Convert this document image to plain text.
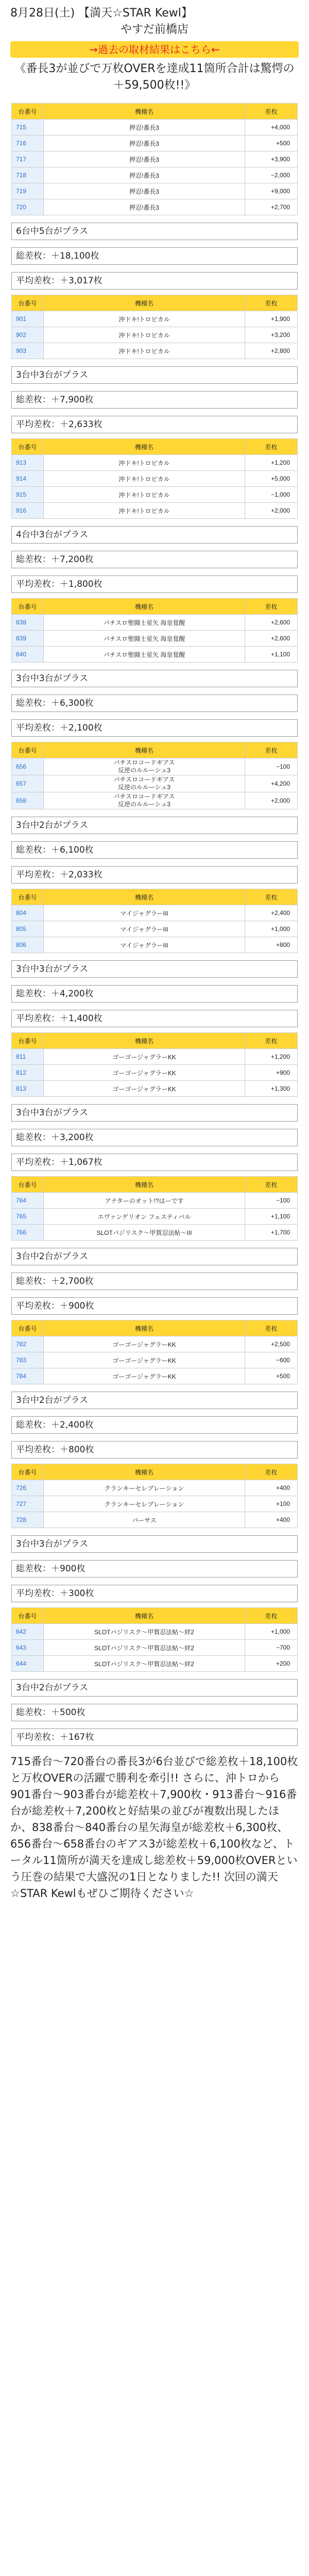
8月28日(土) 【満天☆STAR Kewl】
やすだ前橋店
→過去の取材結果はこちら←
《番長3が並びで万枚OVERを達成11箇所合計は驚愕の＋59,500枚!!》
台番号	機種名	差枚
715	押忍!番長3	+4,000
716	押忍!番長3	+500
717	押忍!番長3	+3,900
718	押忍!番長3	−2,000
719	押忍!番長3	+9,000
720	押忍!番長3	+2,700
6台中5台がプラス
総差枚：＋18,100枚
平均差枚：＋3,017枚
台番号	機種名	差枚
901	沖ドキ!トロピカル	+1,900
902	沖ドキ!トロピカル	+3,200
903	沖ドキ!トロピカル	+2,800
3台中3台がプラス
総差枚：＋7,900枚
平均差枚：＋2,633枚
台番号	機種名	差枚
913	沖ドキ!トロピカル	+1,200
914	沖ドキ!トロピカル	+5,000
915	沖ドキ!トロピカル	−1,000
916	沖ドキ!トロピカル	+2,000
4台中3台がプラス
総差枚：＋7,200枚
平均差枚：＋1,800枚
台番号	機種名	差枚
838	パチスロ聖闘士星矢 海皇覚醒	+2,600
839	パチスロ聖闘士星矢 海皇覚醒	+2,600
840	パチスロ聖闘士星矢 海皇覚醒	+1,100
3台中3台がプラス
総差枚：＋6,300枚
平均差枚：＋2,100枚
台番号	機種名	差枚
656	パチスロコードギアス
反逆のルルーシュ3	−100
657	パチスロコードギアス
反逆のルルーシュ3	+4,200
658	パチスロコードギアス
反逆のルルーシュ3	+2,000
3台中2台がプラス
総差枚：＋6,100枚
平均差枚：＋2,033枚
台番号	機種名	差枚
804	マイジャグラーIII	+2,400
805	マイジャグラーIII	+1,000
806	マイジャグラーIII	+800
3台中3台がプラス
総差枚：＋4,200枚
平均差枚：＋1,400枚
台番号	機種名	差枚
811	ゴーゴージャグラーKK	+1,200
812	ゴーゴージャグラーKK	+900
813	ゴーゴージャグラーKK	+1,300
3台中3台がプラス
総差枚：＋3,200枚
平均差枚：＋1,067枚
台番号	機種名	差枚
764	アナターのオット!?はーです	−100
765	エヴァンゲリオン フェスティバル	+1,100
766	SLOTバジリスク〜甲賀忍法帖〜III	+1,700
3台中2台がプラス
総差枚：＋2,700枚
平均差枚：＋900枚
台番号	機種名	差枚
782	ゴーゴージャグラーKK	+2,500
783	ゴーゴージャグラーKK	−600
784	ゴーゴージャグラーKK	+500
3台中2台がプラス
総差枚：＋2,400枚
平均差枚：＋800枚
台番号	機種名	差枚
726	クランキーセレブレーション	+400
727	クランキーセレブレーション	+100
728	バーサス	+400
3台中3台がプラス
総差枚：＋900枚
平均差枚：＋300枚
台番号	機種名	差枚
642	SLOTバジリスク〜甲賀忍法帖〜絆2	+1,000
643	SLOTバジリスク〜甲賀忍法帖〜絆2	−700
644	SLOTバジリスク〜甲賀忍法帖〜絆2	+200
3台中2台がプラス
総差枚：＋500枚
平均差枚：＋167枚
715番台〜720番台の番長3が6台並びで総差枚＋18,100枚と万枚OVERの活躍で勝利を牽引!! さらに、沖トロから901番台〜903番台が総差枚＋7,900枚・913番台〜916番台が総差枚＋7,200枚と好結果の並びが複数出現したほか、838番台〜840番台の星矢海皇が総差枚＋6,300枚、656番台〜658番台のギアス3が総差枚＋6,100枚など、トータル11箇所が満天を達成し総差枚＋59,000枚OVERという圧巻の結果で大盛況の1日となりました!! 次回の満天☆STAR Kewlもぜひご期待ください☆
